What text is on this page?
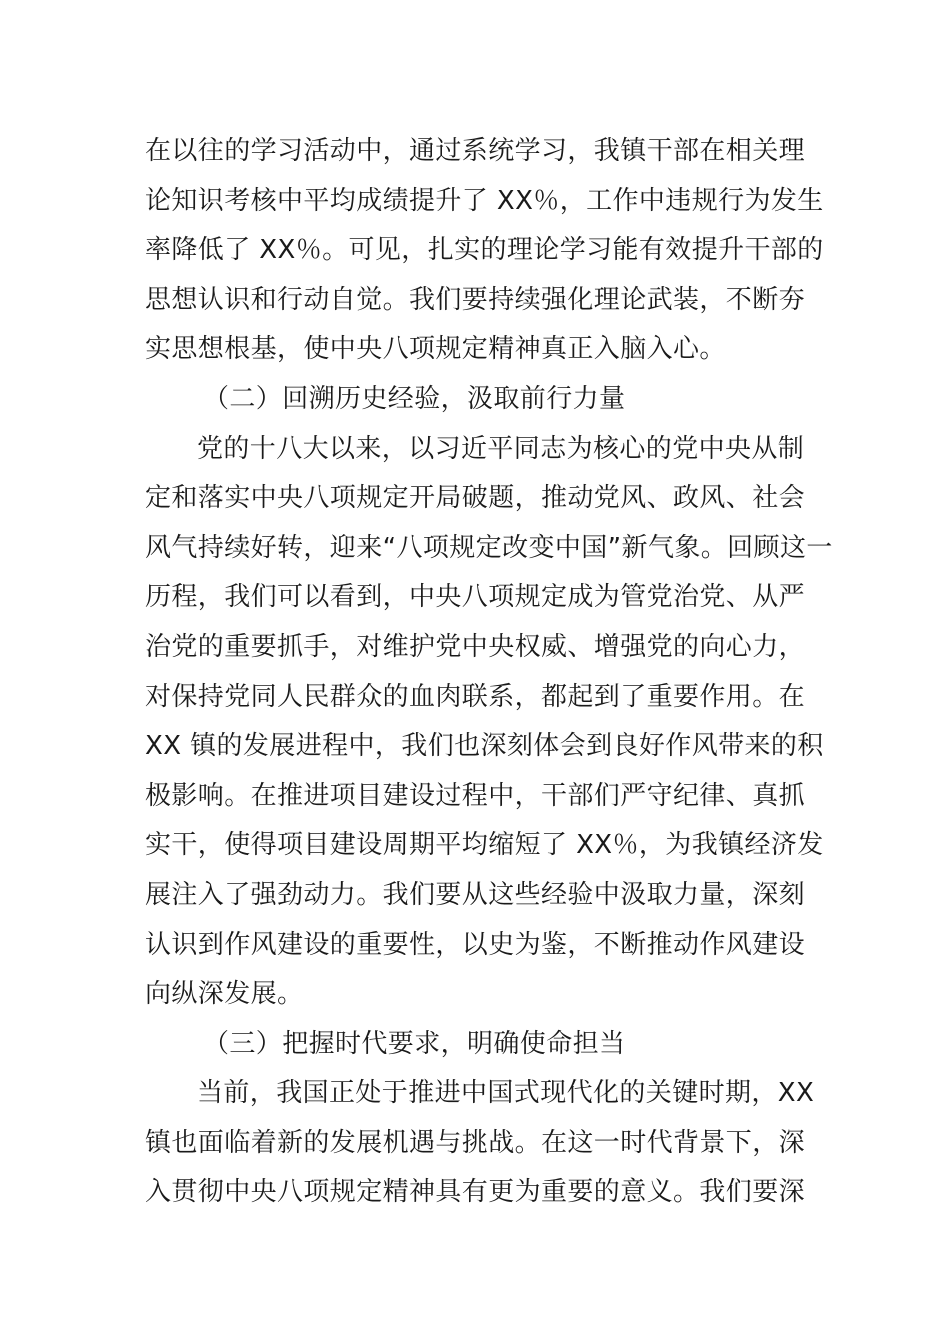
在以往的学习活动中，通过系统学习，我镇干部在相关理
论知识考核中平均成绩提升了 XX％，工作中违规行为发生
率降低了 XX％。可见，扎实的理论学习能有效提升干部的
思想认识和行动自觉。我们要持续强化理论武装，不断夯
实思想根基，使中央八项规定精神真正入脑入心。
（二）回溯历史经验，汲取前行力量
党的十八大以来，以习近平同志为核心的党中央从制
定和落实中央八项规定开局破题，推动党风、政风、社会
风气持续好转，迎来“八项规定改变中国”新气象。回顾这一
历程，我们可以看到，中央八项规定成为管党治党、从严
治党的重要抓手，对维护党中央权威、增强党的向心力，
对保持党同人民群众的血肉联系，都起到了重要作用。在
XX 镇的发展进程中，我们也深刻体会到良好作风带来的积
极影响。在推进项目建设过程中，干部们严守纪律、真抓
实干，使得项目建设周期平均缩短了 XX％，为我镇经济发
展注入了强劲动力。我们要从这些经验中汲取力量，深刻
认识到作风建设的重要性，以史为鉴，不断推动作风建设
向纵深发展。
（三）把握时代要求，明确使命担当
当前，我国正处于推进中国式现代化的关键时期，XX
镇也面临着新的发展机遇与挑战。在这一时代背景下，深
入贯彻中央八项规定精神具有更为重要的意义。我们要深
